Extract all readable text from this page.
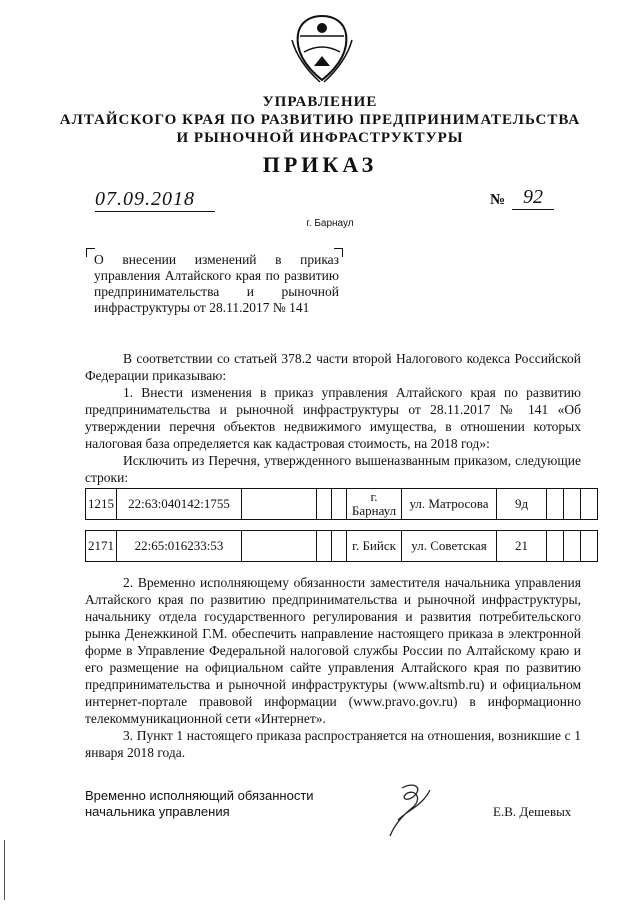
УПРАВЛЕНИЕ
АЛТАЙСКОГО КРАЯ ПО РАЗВИТИЮ ПРЕДПРИНИМАТЕЛЬСТВА
И РЫНОЧНОЙ ИНФРАСТРУКТУРЫ
ПРИКАЗ
07.09.2018	№ 92
г. Барнаул
О внесении изменений в приказ управления Алтайского края по развитию предпринимательства и рыночной инфраструктуры от 28.11.2017 № 141

В соответствии со статьей 378.2 части второй Налогового кодекса Российской Федерации приказываю:

1. Внести изменения в приказ управления Алтайского края по развитию предпринимательства и рыночной инфраструктуры от 28.11.2017 № 141 «Об утверждении перечня объектов недвижимого имущества, в отношении которых налоговая база определяется как кадастровая стоимость, на 2018 год»:

Исключить из Перечня, утвержденного вышеназванным приказом, следующие строки:

1215	22:63:040142:1755				г. Барнаул	ул. Матросова	9д			
2171	22:65:016233:53				г. Бийск	ул. Советская	21			

2. Временно исполняющему обязанности заместителя начальника управления Алтайского края по развитию предпринимательства и рыночной инфраструктуры, начальнику отдела государственного регулирования и развития потребительского рынка Денежкиной Г.М. обеспечить направление настоящего приказа в электронной форме в Управление Федеральной налоговой службы России по Алтайскому краю и его размещение на официальном сайте управления Алтайского края по развитию предпринимательства и рыночной инфраструктуры (www.altsmb.ru) и официальном интернет-портале правовой информации (www.pravo.gov.ru) в информационно телекоммуникационной сети «Интернет».

3. Пункт 1 настоящего приказа распространяется на отношения, возникшие с 1 января 2018 года.

Временно исполняющий обязанности
начальника управления	Е.В. Дешевых
